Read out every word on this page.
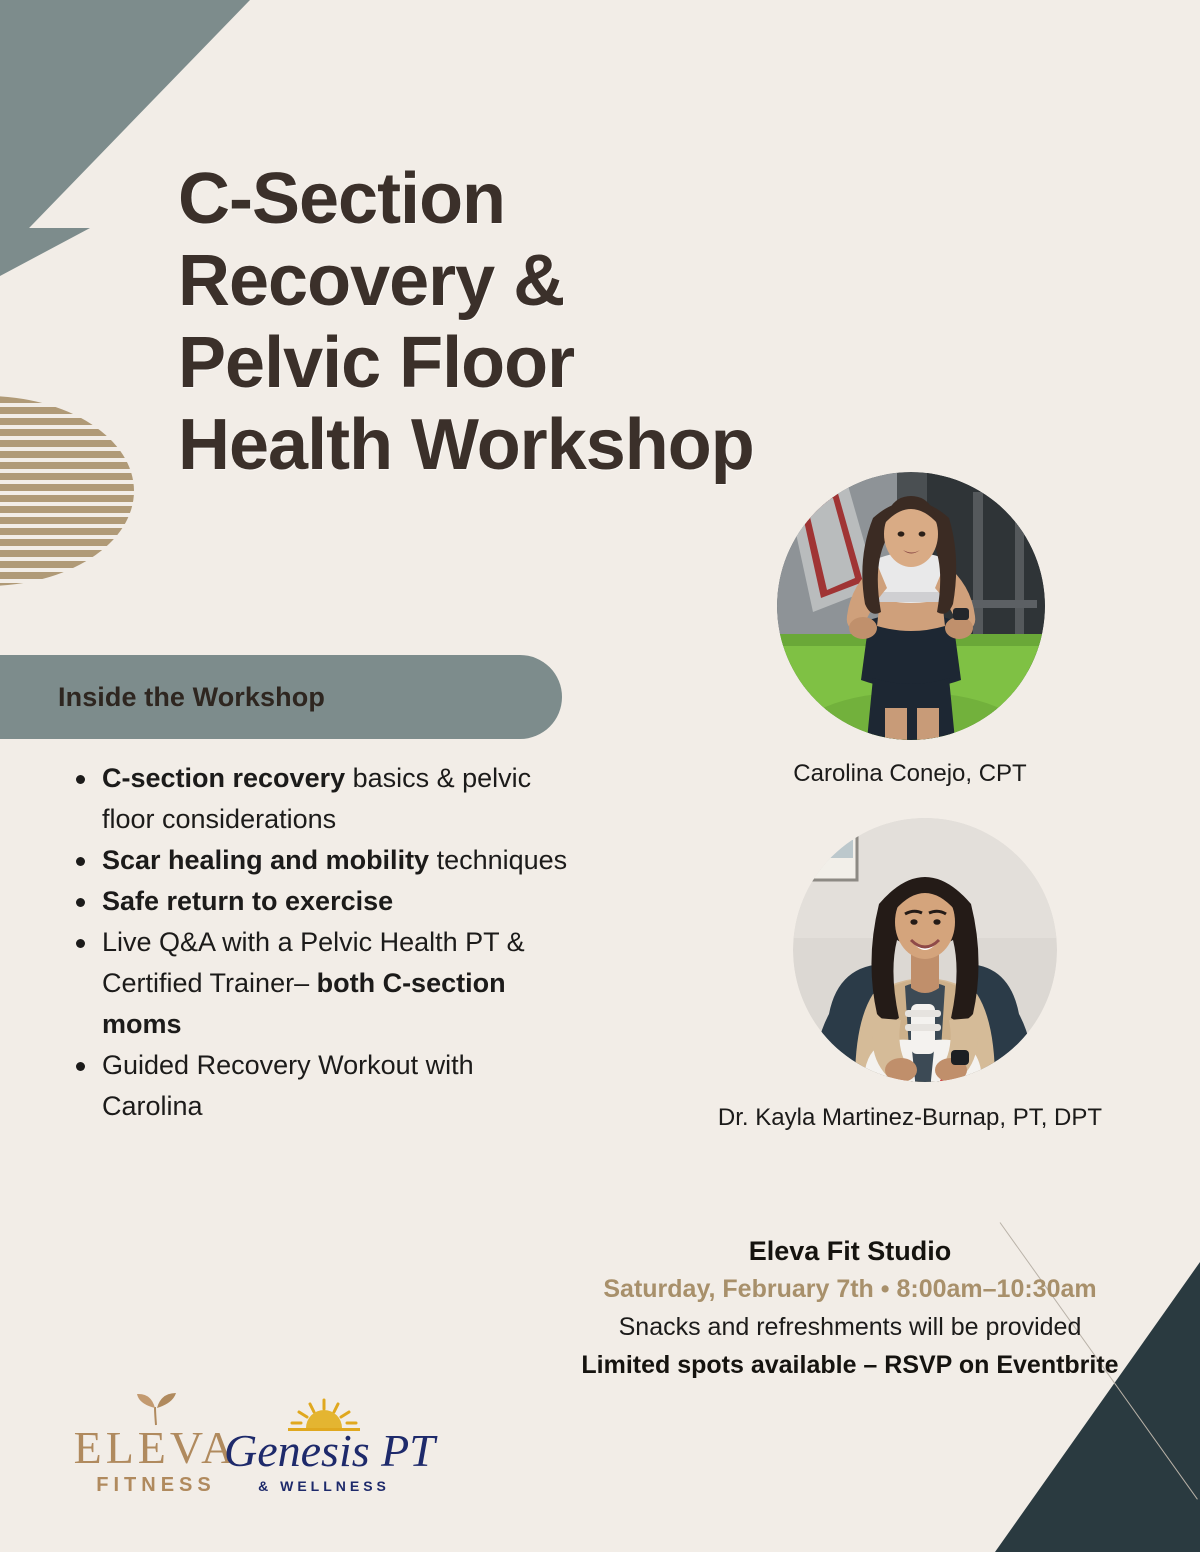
C-Section Recovery & Pelvic Floor Health Workshop
Inside the Workshop
C-section recovery basics & pelvic floor considerations
Scar healing and mobility techniques
Safe return to exercise
Live Q&A with a Pelvic Health PT & Certified Trainer– both C-section moms
Guided Recovery Workout with Carolina
Carolina Conejo, CPT
Dr. Kayla Martinez-Burnap, PT, DPT
Eleva Fit Studio
Saturday, February 7th • 8:00am–10:30am
Snacks and refreshments will be provided
Limited spots available – RSVP on Eventbrite
ELEVA
FITNESS
Genesis PT
& WELLNESS
